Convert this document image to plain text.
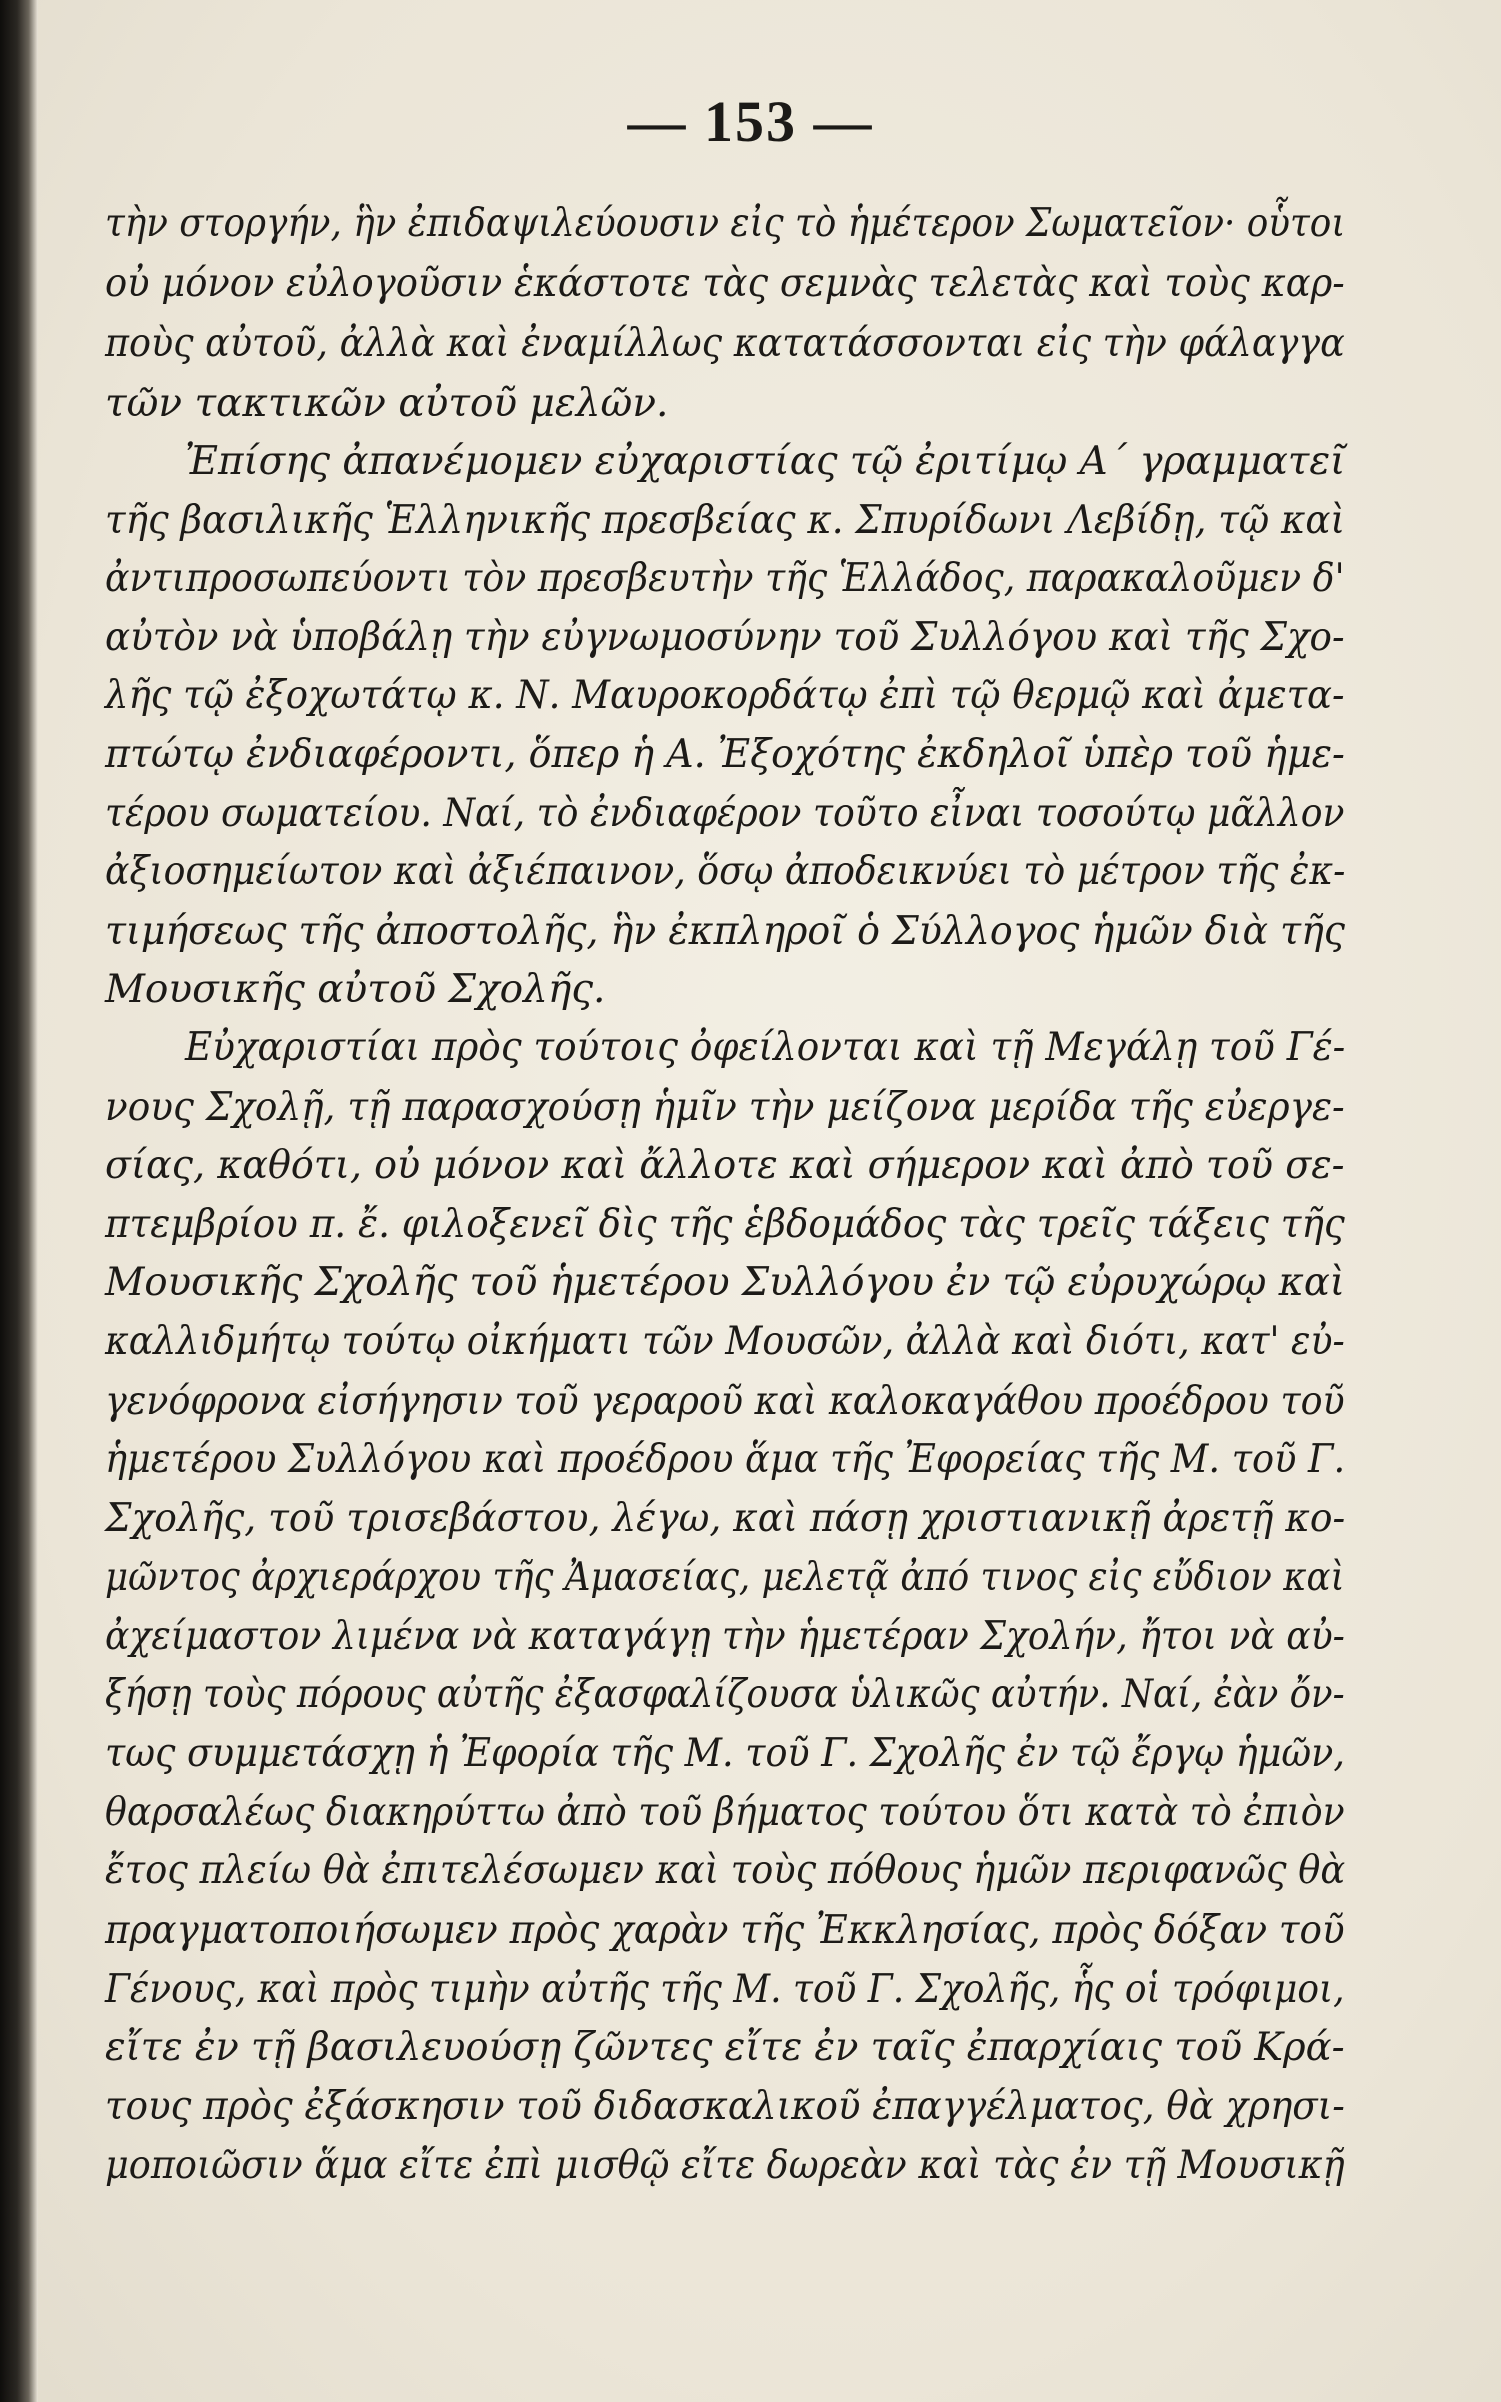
— 153 —
τὴν στοργήν, ἣν ἐπιδαψιλεύουσιν εἰς τὸ ἡμέτερον Σωματεῖον· οὗτοι
οὐ μόνον εὐλογοῦσιν ἑκάστοτε τὰς σεμνὰς τελετὰς καὶ τοὺς καρ-
ποὺς αὐτοῦ, ἀλλὰ καὶ ἐναμίλλως κατατάσσονται εἰς τὴν φάλαγγα
τῶν τακτικῶν αὐτοῦ μελῶν.
Ἐπίσης ἀπανέμομεν εὐχαριστίας τῷ ἐριτίμῳ Α΄ γραμματεῖ
τῆς βασιλικῆς Ἑλληνικῆς πρεσβείας κ. Σπυρίδωνι Λεβίδῃ, τῷ καὶ
ἀντιπροσωπεύοντι τὸν πρεσβευτὴν τῆς Ἑλλάδος, παρακαλοῦμεν δ'
αὐτὸν νὰ ὑποβάλῃ τὴν εὐγνωμοσύνην τοῦ Συλλόγου καὶ τῆς Σχο-
λῆς τῷ ἐξοχωτάτῳ κ. Ν. Μαυροκορδάτῳ ἐπὶ τῷ θερμῷ καὶ ἀμετα-
πτώτῳ ἐνδιαφέροντι, ὅπερ ἡ Α. Ἐξοχότης ἐκδηλοῖ ὑπὲρ τοῦ ἡμε-
τέρου σωματείου. Ναί, τὸ ἐνδιαφέρον τοῦτο εἶναι τοσούτῳ μᾶλλον
ἀξιοσημείωτον καὶ ἀξιέπαινον, ὅσῳ ἀποδεικνύει τὸ μέτρον τῆς ἐκ-
τιμήσεως τῆς ἀποστολῆς, ἣν ἐκπληροῖ ὁ Σύλλογος ἡμῶν διὰ τῆς
Μουσικῆς αὐτοῦ Σχολῆς.
Εὐχαριστίαι πρὸς τούτοις ὀφείλονται καὶ τῇ Μεγάλῃ τοῦ Γέ-
νους Σχολῇ, τῇ παρασχούσῃ ἡμῖν τὴν μείζονα μερίδα τῆς εὐεργε-
σίας, καθότι, οὐ μόνον καὶ ἄλλοτε καὶ σήμερον καὶ ἀπὸ τοῦ σε-
πτεμβρίου π. ἔ. φιλοξενεῖ δὶς τῆς ἑβδομάδος τὰς τρεῖς τάξεις τῆς
Μουσικῆς Σχολῆς τοῦ ἡμετέρου Συλλόγου ἐν τῷ εὐρυχώρῳ καὶ
καλλιδμήτῳ τούτῳ οἰκήματι τῶν Μουσῶν, ἀλλὰ καὶ διότι, κατ' εὐ-
γενόφρονα εἰσήγησιν τοῦ γεραροῦ καὶ καλοκαγάθου προέδρου τοῦ
ἡμετέρου Συλλόγου καὶ προέδρου ἅμα τῆς Ἐφορείας τῆς Μ. τοῦ Γ.
Σχολῆς, τοῦ τρισεβάστου, λέγω, καὶ πάσῃ χριστιανικῇ ἀρετῇ κο-
μῶντος ἀρχιεράρχου τῆς Ἀμασείας, μελετᾷ ἀπό τινος εἰς εὔδιον καὶ
ἀχείμαστον λιμένα νὰ καταγάγῃ τὴν ἡμετέραν Σχολήν, ἤτοι νὰ αὐ-
ξήσῃ τοὺς πόρους αὐτῆς ἐξασφαλίζουσα ὑλικῶς αὐτήν. Ναί, ἐὰν ὄν-
τως συμμετάσχῃ ἡ Ἐφορία τῆς Μ. τοῦ Γ. Σχολῆς ἐν τῷ ἔργῳ ἡμῶν,
θαρσαλέως διακηρύττω ἀπὸ τοῦ βήματος τούτου ὅτι κατὰ τὸ ἐπιὸν
ἔτος πλείω θὰ ἐπιτελέσωμεν καὶ τοὺς πόθους ἡμῶν περιφανῶς θὰ
πραγματοποιήσωμεν πρὸς χαρὰν τῆς Ἐκκλησίας, πρὸς δόξαν τοῦ
Γένους, καὶ πρὸς τιμὴν αὐτῆς τῆς Μ. τοῦ Γ. Σχολῆς, ἧς οἱ τρόφιμοι,
εἴτε ἐν τῇ βασιλευούσῃ ζῶντες εἴτε ἐν ταῖς ἐπαρχίαις τοῦ Κρά-
τους πρὸς ἐξάσκησιν τοῦ διδασκαλικοῦ ἐπαγγέλματος, θὰ χρησι-
μοποιῶσιν ἅμα εἴτε ἐπὶ μισθῷ εἴτε δωρεὰν καὶ τὰς ἐν τῇ Μουσικῇ
